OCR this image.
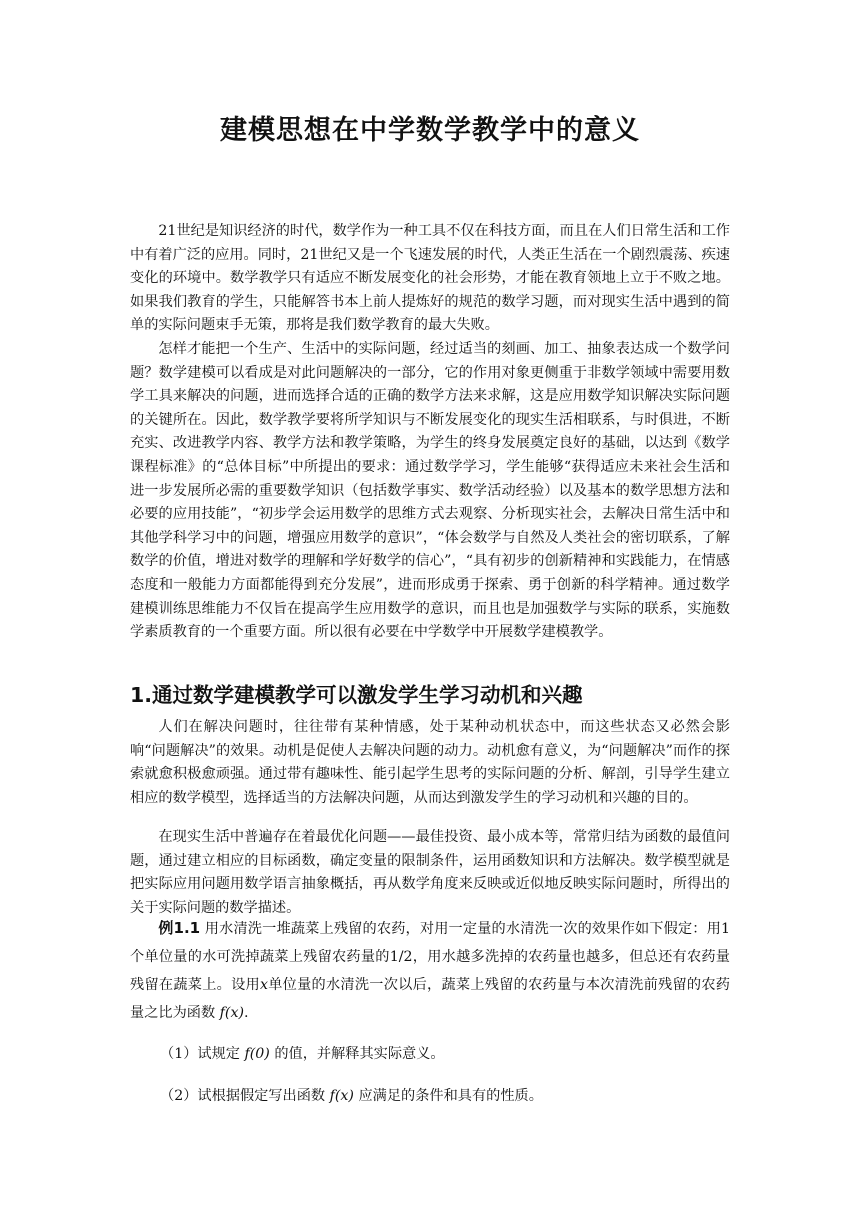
建模思想在中学数学教学中的意义

21世纪是知识经济的时代，数学作为一种工具不仅在科技方面，而且在人们日常生活和工作中有着广泛的应用。同时，21世纪又是一个飞速发展的时代，人类正生活在一个剧烈震荡、疾速变化的环境中。数学教学只有适应不断发展变化的社会形势，才能在教育领地上立于不败之地。如果我们教育的学生，只能解答书本上前人提炼好的规范的数学习题，而对现实生活中遇到的简单的实际问题束手无策，那将是我们数学教育的最大失败。

怎样才能把一个生产、生活中的实际问题，经过适当的刻画、加工、抽象表达成一个数学问题？数学建模可以看成是对此问题解决的一部分，它的作用对象更侧重于非数学领域中需要用数学工具来解决的问题，进而选择合适的正确的数学方法来求解，这是应用数学知识解决实际问题的关键所在。因此，数学教学要将所学知识与不断发展变化的现实生活相联系，与时俱进，不断充实、改进教学内容、教学方法和教学策略，为学生的终身发展奠定良好的基础，以达到《数学课程标准》的“总体目标”中所提出的要求：通过数学学习，学生能够“获得适应未来社会生活和进一步发展所必需的重要数学知识（包括数学事实、数学活动经验）以及基本的数学思想方法和必要的应用技能”，“初步学会运用数学的思维方式去观察、分析现实社会，去解决日常生活中和其他学科学习中的问题，增强应用数学的意识”，“体会数学与自然及人类社会的密切联系，了解数学的价值，增进对数学的理解和学好数学的信心”，“具有初步的创新精神和实践能力，在情感态度和一般能力方面都能得到充分发展”，进而形成勇于探索、勇于创新的科学精神。通过数学建模训练思维能力不仅旨在提高学生应用数学的意识，而且也是加强数学与实际的联系，实施数学素质教育的一个重要方面。所以很有必要在中学数学中开展数学建模教学。

1.通过数学建模教学可以激发学生学习动机和兴趣

人们在解决问题时，往往带有某种情感，处于某种动机状态中，而这些状态又必然会影响“问题解决”的效果。动机是促使人去解决问题的动力。动机愈有意义，为“问题解决”而作的探索就愈积极愈顽强。通过带有趣味性、能引起学生思考的实际问题的分析、解剖，引导学生建立相应的数学模型，选择适当的方法解决问题，从而达到激发学生的学习动机和兴趣的目的。

在现实生活中普遍存在着最优化问题——最佳投资、最小成本等，常常归结为函数的最值问题，通过建立相应的目标函数，确定变量的限制条件，运用函数知识和方法解决。数学模型就是把实际应用问题用数学语言抽象概括，再从数学角度来反映或近似地反映实际问题时，所得出的关于实际问题的数学描述。

例1.1 用水清洗一堆蔬菜上残留的农药，对用一定量的水清洗一次的效果作如下假定：用1个单位量的水可洗掉蔬菜上残留农药量的1/2，用水越多洗掉的农药量也越多，但总还有农药量残留在蔬菜上。设用x单位量的水清洗一次以后，蔬菜上残留的农药量与本次清洗前残留的农药量之比为函数 f(x).

（1）试规定 f(0) 的值，并解释其实际意义。

（2）试根据假定写出函数 f(x) 应满足的条件和具有的性质。
